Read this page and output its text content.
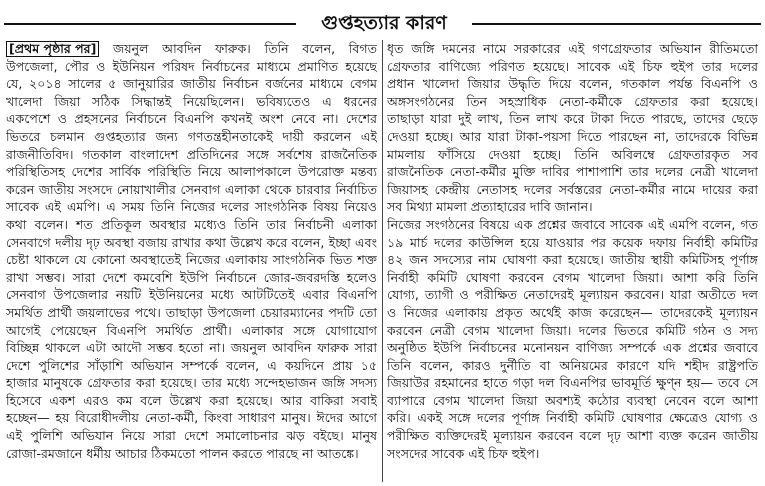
গুপ্তহত্যার কারণ
[প্রথম পৃষ্ঠার পর] জয়নুল আবদিন ফারুক। তিনি বলেন, বিগত
উপজেলা, পৌর ও ইউনিয়ন পরিষদ নির্বাচনের মাধ্যমে প্রমাণিত হয়েছে
যে, ২০১৪ সালের ৫ জানুয়ারির জাতীয় নির্বাচন বর্জনের মাধ্যমে বেগম
খালেদা জিয়া সঠিক সিদ্ধান্তই নিয়েছিলেন। ভবিষ্যতেও এ ধরনের
একপেশে ও প্রহসনের নির্বাচনে বিএনপি কখনই অংশ নেবে না। দেশের
ভিতরে চলমান গুপ্তহত্যার জন্য গণতন্ত্রহীনতাকেই দায়ী করলেন এই
রাজনীতিবিদ। গতকাল বাংলাদেশ প্রতিদিনের সঙ্গে সর্বশেষ রাজনৈতিক
পরিস্থিতিসহ দেশের সার্বিক পরিস্থিতি নিয়ে আলাপকালে উপরোক্ত মন্তব্য
করেন জাতীয় সংসদে নোয়াখালীর সেনবাগ এলাকা থেকে চারবার নির্বাচিত
সাবেক এই এমপি। এ সময় তিনি নিজের দলের সাংগঠনিক বিষয় নিয়েও
কথা বলেন। শত প্রতিকূল অবস্থার মধ্যেও তিনি তার নির্বাচনী এলাকা
সেনবাগে দলীয় দৃঢ় অবস্থা বজায় রাখার কথা উল্লেখ করে বলেন, ইচ্ছা এবং
চেষ্টা থাকলে যে কোনো অবস্থাতেই নিজের এলাকায় সাংগঠনিক ভিত শক্ত
রাখা সম্ভব। সারা দেশে কমবেশি ইউপি নির্বাচনে জোর-জবরদস্তি হলেও
সেনবাগ উপজেলার নয়টি ইউনিয়নের মধ্যে আটটিতেই এবার বিএনপি
সমর্থিত প্রার্থী জয়লাভের পথে। তাছাড়া উপজেলা চেয়ারম্যানের পদটি তো
আগেই পেয়েছেন বিএনপি সমর্থিত প্রার্থী। এলাকার সঙ্গে যোগাযোগ
বিচ্ছিন্ন থাকলে এটা আদৌ সম্ভব হতো না। জয়নুল আবদিন ফারুক সারা
দেশে পুলিশের সাঁড়াশি অভিযান সম্পর্কে বলেন, এ কয়দিনে প্রায় ১৫
হাজার মানুষকে গ্রেফতার করা হয়েছে। তার মধ্যে সন্দেহভাজন জঙ্গি সদস্য
হিসেবে একশ এরও কম বলে উল্লেখ করা হয়েছে। আর বাকিরা সবাই
হচ্ছেন— হয় বিরোধীদলীয় নেতা-কর্মী, কিংবা সাধারণ মানুষ। ঈদের আগে
এই পুলিশি অভিযান নিয়ে সারা দেশে সমালোচনার ঝড় বইছে। মানুষ
রোজা-রমজানে ধর্মীয় আচার ঠিকমতো পালন করতে পারছে না আতঙ্কে।
ধৃত জঙ্গি দমনের নামে সরকারের এই গণগ্রেফতার অভিযান রীতিমতো
গ্রেফতার বাণিজ্যে পরিণত হয়েছে। সাবেক এই চিফ হুইপ তার দলের
প্রধান খালেদা জিয়ার উদ্ধৃতি দিয়ে বলেন, গতকাল পর্যন্ত বিএনপি ও
অঙ্গসংগঠনের তিন সহস্রাধিক নেতা-কর্মীকে গ্রেফতার করা হয়েছে।
তাছাড়া যারা দুই লাখ, তিন লাখ করে টাকা দিতে পারছে, তাদের ছেড়ে
দেওয়া হচ্ছে। আর যারা টাকা-পয়সা দিতে পারছেন না, তাদেরকে বিভিন্ন
মামলায় ফাঁসিয়ে দেওয়া হচ্ছে। তিনি অবিলম্বে গ্রেফতারকৃত সব
রাজনৈতিক নেতা-কর্মীর মুক্তি দাবির পাশাপাশি তার দলের নেত্রী খালেদা
জিয়াসহ কেন্দ্রীয় নেতাসহ দলের সর্বস্তরের নেতা-কর্মীর নামে দায়ের করা
সব মিথ্যা মামলা প্রত্যাহারের দাবি জানান।
নিজের সংগঠনের বিষয়ে এক প্রশ্নের জবাবে সাবেক এই এমপি বলেন, গত
১৯ মার্চ দলের কাউন্সিল হয়ে যাওয়ার পর কয়েক দফায় নির্বাহী কমিটির
৪২ জন সদস্যের নাম ঘোষণা করা হয়েছে। জাতীয় স্থায়ী কমিটিসহ পূর্ণাঙ্গ
নির্বাহী কমিটি ঘোষণা করবেন বেগম খালেদা জিয়া। আশা করি তিনি
যোগ্য, ত্যাগী ও পরীক্ষিত নেতাদেরই মূল্যায়ন করবেন। যারা অতীতে দল
ও নিজের এলাকায় প্রকৃত অর্থেই কাজ করেছেন— তাদেরকেই মূল্যায়ন
করবেন নেত্রী বেগম খালেদা জিয়া। দলের ভিতরে কমিটি গঠন ও সদ্য
অনুষ্ঠিত ইউপি নির্বাচনের মনোনয়ন বাণিজ্য সম্পর্কে এক প্রশ্নের জবাবে
তিনি বলেন, কারও দুর্নীতি বা অনিয়মের কারণে যদি শহীদ রাষ্ট্রপতি
জিয়াউর রহমানের হাতে গড়া দল বিএনপির ভাবমূর্তি ক্ষুণ্ন হয়— তবে সে
ব্যাপারে বেগম খালেদা জিয়া অবশ্যই কঠোর ব্যবস্থা নেবেন বলে আশা
করি। একই সঙ্গে দলের পূর্ণাঙ্গ নির্বাহী কমিটি ঘোষণার ক্ষেত্রেও যোগ্য ও
পরীক্ষিত ব্যক্তিদেরই মূল্যায়ন করবেন বলে দৃঢ় আশা ব্যক্ত করেন জাতীয়
সংসদের সাবেক এই চিফ হুইপ।
